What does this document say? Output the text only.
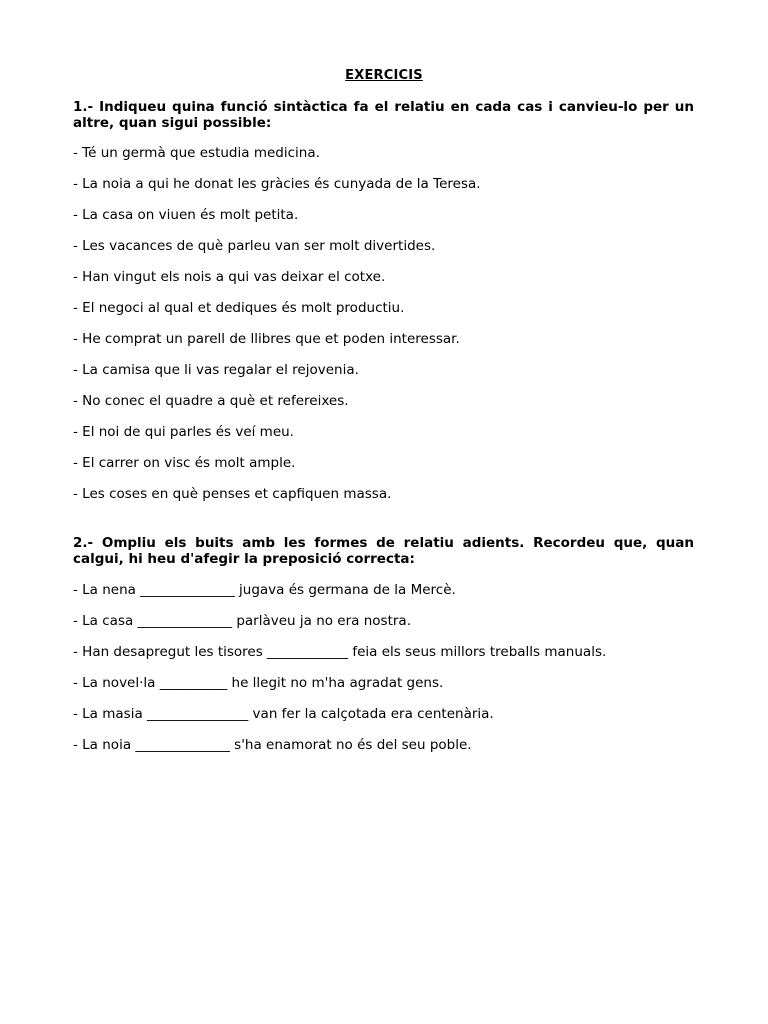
EXERCICIS

1.- Indiqueu quina funció sintàctica fa el relatiu en cada cas i canvieu-lo per un altre, quan sigui possible:

- Té un germà que estudia medicina.
- La noia a qui he donat les gràcies és cunyada de la Teresa.
- La casa on viuen és molt petita.
- Les vacances de què parleu van ser molt divertides.
- Han vingut els nois a qui vas deixar el cotxe.
- El negoci al qual et dediques és molt productiu.
- He comprat un parell de llibres que et poden interessar.
- La camisa que li vas regalar el rejovenia.
- No conec el quadre a què et refereixes.
- El noi de qui parles és veí meu.
- El carrer on visc és molt ample.
- Les coses en què penses et capfiquen massa.

2.- Ompliu els buits amb les formes de relatiu adients. Recordeu que, quan calgui, hi heu d'afegir la preposició correcta:

- La nena ______________ jugava és germana de la Mercè.
- La casa ______________ parlàveu ja no era nostra.
- Han desapregut les tisores ____________ feia els seus millors treballs manuals.
- La novel·la __________ he llegit no m'ha agradat gens.
- La masia _______________ van fer la calçotada era centenària.
- La noia ______________ s'ha enamorat no és del seu poble.
